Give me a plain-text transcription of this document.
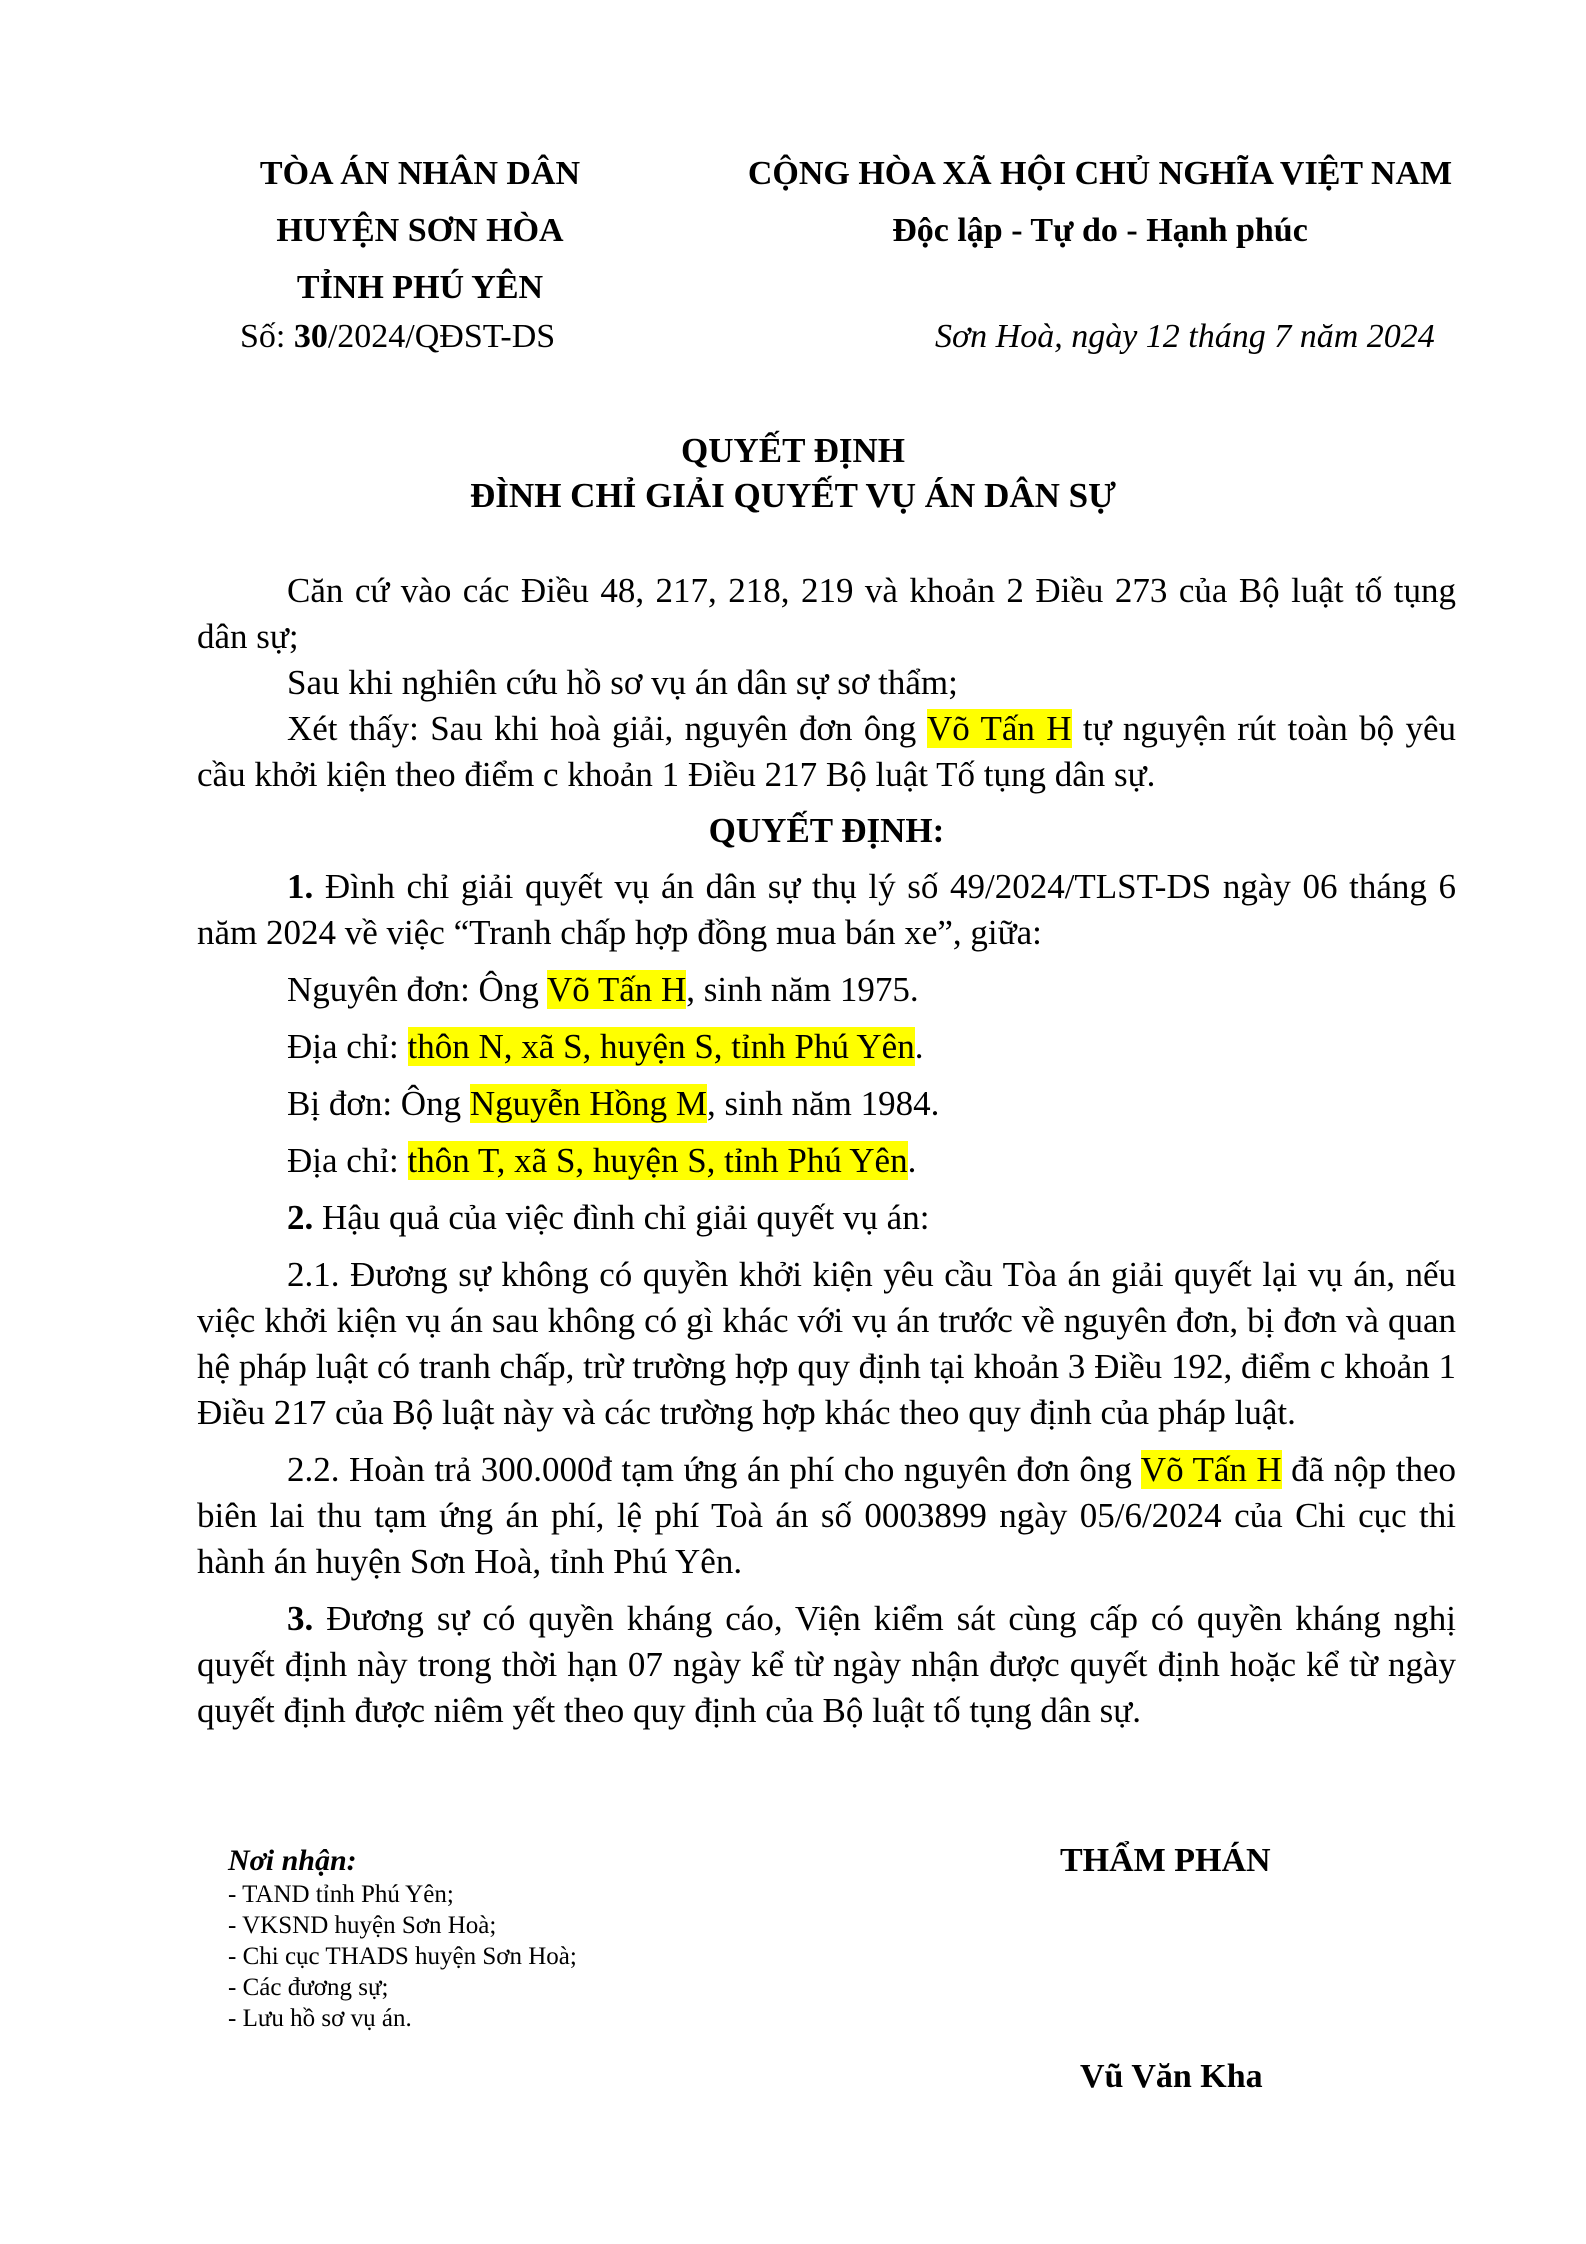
TÒA ÁN NHÂN DÂN
HUYỆN SƠN HÒA
TỈNH PHÚ YÊN
Số: 30/2024/QĐST-DS
CỘNG HÒA XÃ HỘI CHỦ NGHĨA VIỆT NAM
Độc lập - Tự do - Hạnh phúc
Sơn Hoà, ngày 12 tháng 7 năm 2024
QUYẾT ĐỊNH
ĐÌNH CHỈ GIẢI QUYẾT VỤ ÁN DÂN SỰ

Căn cứ vào các Điều 48, 217, 218, 219 và khoản 2 Điều 273 của Bộ luật tố tụng dân sự;

Sau khi nghiên cứu hồ sơ vụ án dân sự sơ thẩm;

Xét thấy: Sau khi hoà giải, nguyên đơn ông Võ Tấn H tự nguyện rút toàn bộ yêu cầu khởi kiện theo điểm c khoản 1 Điều 217 Bộ luật Tố tụng dân sự.

QUYẾT ĐỊNH:

1. Đình chỉ giải quyết vụ án dân sự thụ lý số 49/2024/TLST-DS ngày 06 tháng 6 năm 2024 về việc “Tranh chấp hợp đồng mua bán xe”, giữa:

Nguyên đơn: Ông Võ Tấn H, sinh năm 1975.

Địa chỉ: thôn N, xã S, huyện S, tỉnh Phú Yên.

Bị đơn: Ông Nguyễn Hồng M, sinh năm 1984.

Địa chỉ: thôn T, xã S, huyện S, tỉnh Phú Yên.

2. Hậu quả của việc đình chỉ giải quyết vụ án:

2.1. Đương sự không có quyền khởi kiện yêu cầu Tòa án giải quyết lại vụ án, nếu việc khởi kiện vụ án sau không có gì khác với vụ án trước về nguyên đơn, bị đơn và quan hệ pháp luật có tranh chấp, trừ trường hợp quy định tại khoản 3 Điều 192, điểm c khoản 1 Điều 217 của Bộ luật này và các trường hợp khác theo quy định của pháp luật.

2.2. Hoàn trả 300.000đ tạm ứng án phí cho nguyên đơn ông Võ Tấn H đã nộp theo biên lai thu tạm ứng án phí, lệ phí Toà án số 0003899 ngày 05/6/2024 của Chi cục thi hành án huyện Sơn Hoà, tỉnh Phú Yên.

3. Đương sự có quyền kháng cáo, Viện kiểm sát cùng cấp có quyền kháng nghị quyết định này trong thời hạn 07 ngày kể từ ngày nhận được quyết định hoặc kể từ ngày quyết định được niêm yết theo quy định của Bộ luật tố tụng dân sự.

Nơi nhận:
- TAND tỉnh Phú Yên;
- VKSND huyện Sơn Hoà;
- Chi cục THADS huyện Sơn Hoà;
- Các đương sự;
- Lưu hồ sơ vụ án.
THẨM PHÁN
Vũ Văn Kha
